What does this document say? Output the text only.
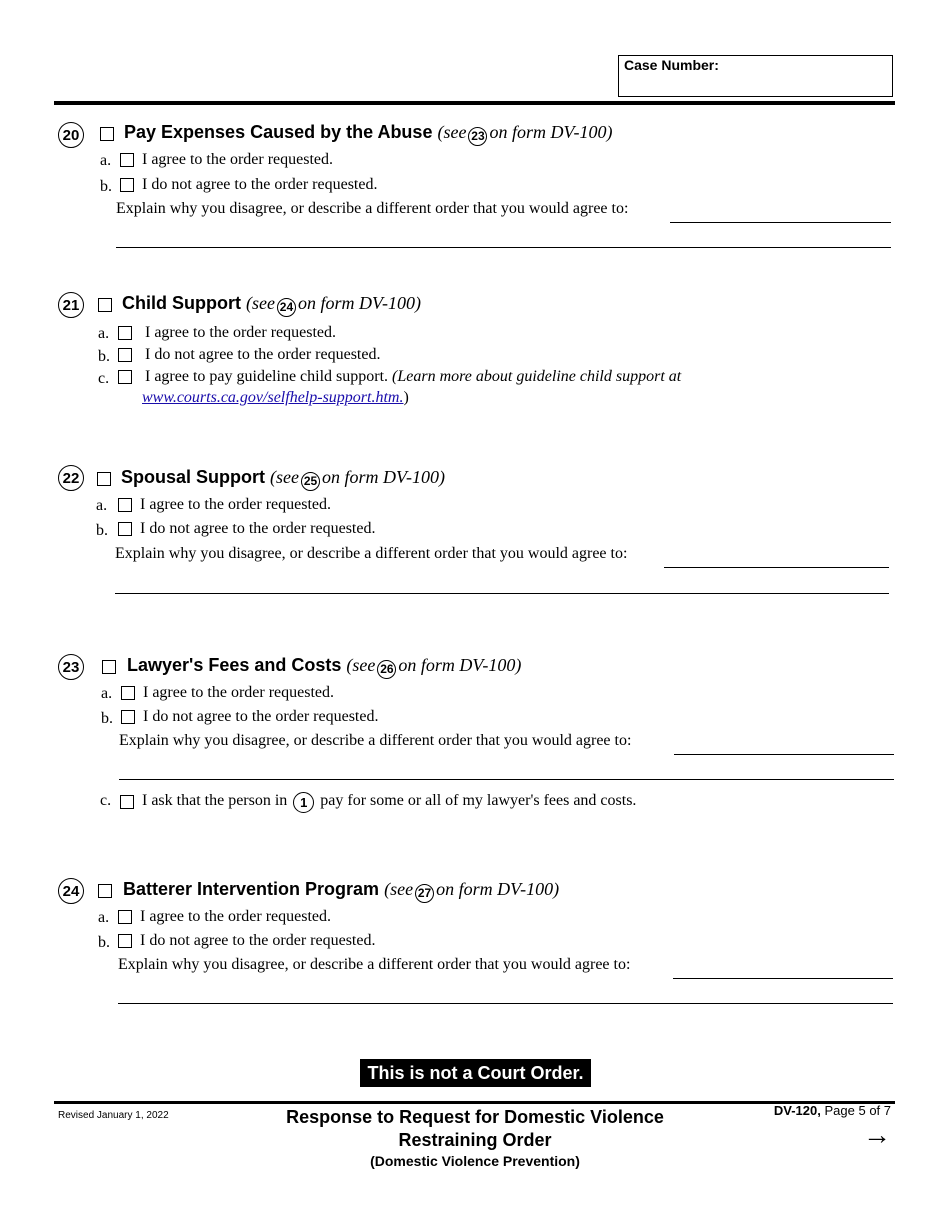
Case Number:
20 Pay Expenses Caused by the Abuse (see 23 on form DV-100)
a. I agree to the order requested.
b. I do not agree to the order requested.
Explain why you disagree, or describe a different order that you would agree to:
21 Child Support (see 24 on form DV-100)
a. I agree to the order requested.
b. I do not agree to the order requested.
c. I agree to pay guideline child support. (Learn more about guideline child support at
www.courts.ca.gov/selfhelp-support.htm.)
22 Spousal Support (see 25 on form DV-100)
a. I agree to the order requested.
b. I do not agree to the order requested.
Explain why you disagree, or describe a different order that you would agree to:
23	Lawyer's Fees and Costs (see 26 on form DV-100)
a. I agree to the order requested.
b. I do not agree to the order requested.
Explain why you disagree, or describe a different order that you would agree to:
c. I ask that the person in 1 pay for some or all of my lawyer's fees and costs.
24 Batterer Intervention Program (see 27 on form DV-100)
a. I agree to the order requested.
b. I do not agree to the order requested.
Explain why you disagree, or describe a different order that you would agree to:
This is not a Court Order.
Revised January 1, 2022	Response to Request for Domestic Violence
Restraining Order
(Domestic Violence Prevention)
DV-120, Page 5 of 7
→
